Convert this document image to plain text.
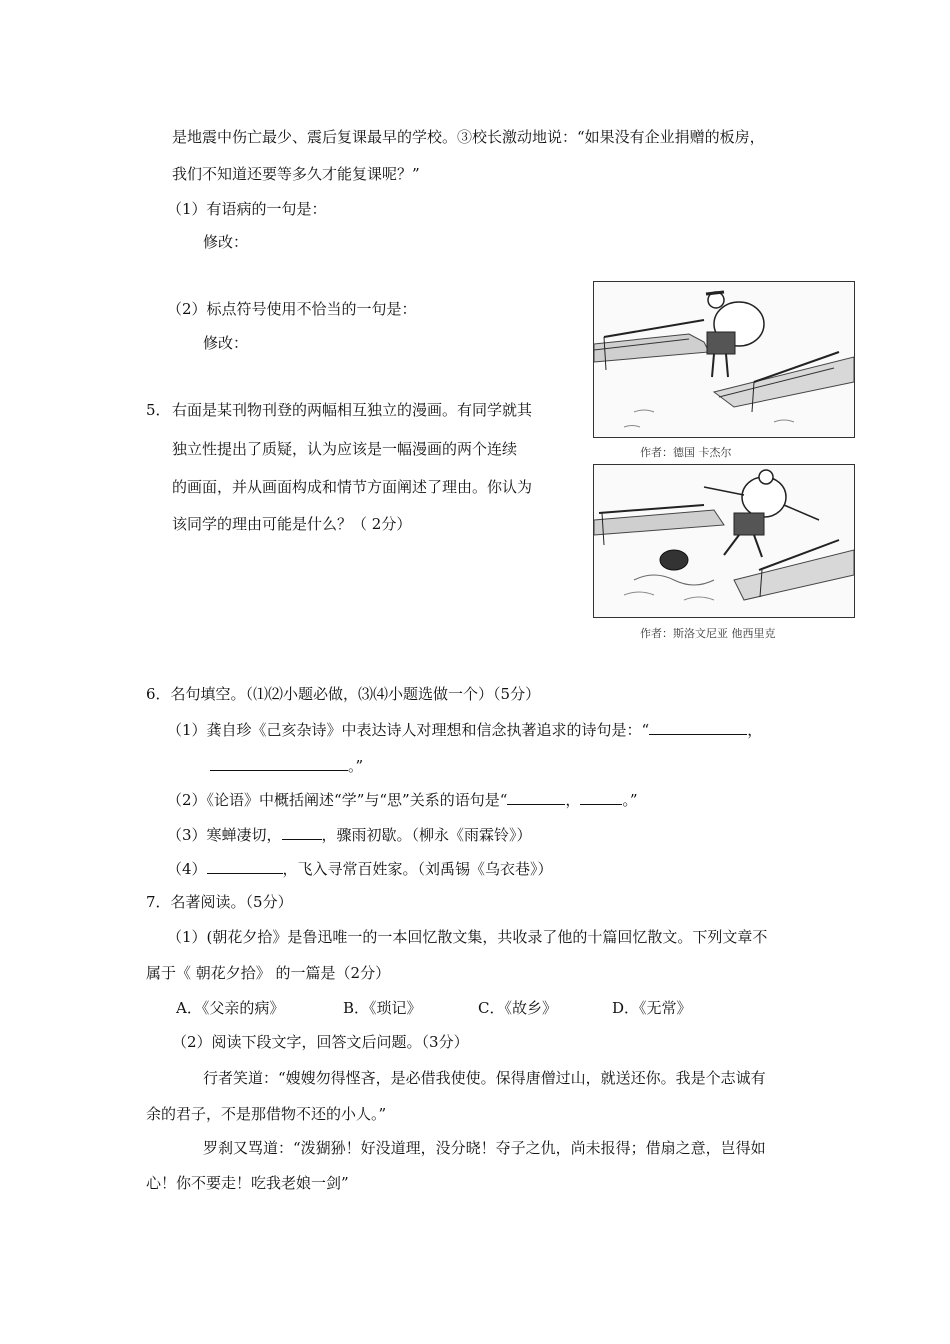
是地震中伤亡最少、震后复课最早的学校。③校长激动地说：“如果没有企业捐赠的板房，
我们不知道还要等多久才能复课呢？”
（1）有语病的一句是：
修改：
（2）标点符号使用不恰当的一句是：
修改：
5． 右面是某刊物刊登的两幅相互独立的漫画。有同学就其
独立性提出了质疑，认为应该是一幅漫画的两个连续
的画面，并从画面构成和情节方面阐述了理由。你认为
该同学的理由可能是什么？（ 2分）
作者：德国 卡杰尔
作者：斯洛文尼亚 他西里克
6．名句填空。（⑴⑵小题必做，⑶⑷小题选做一个）（5分）
（1）龚自珍《己亥杂诗》中表达诗人对理想和信念执著追求的诗句是：“	，
。”
（2）《论语》中概括阐述“学”与“思”关系的语句是“	，	。”
（3）寒蝉凄切，	，骤雨初歇。（柳永《雨霖铃》）
（4）	，飞入寻常百姓家。（刘禹锡《乌衣巷》）
7．名著阅读。（5分）
（1）(朝花夕拾》是鲁迅唯一的一本回忆散文集，共收录了他的十篇回忆散文。下列文章不
属于《 朝花夕拾》 的一篇是（2分）
A．《父亲的病》	B．《琐记》	C．《故乡》	D．《无常》
（2）阅读下段文字，回答文后问题。（3分）
行者笑道：“嫂嫂勿得悭吝，是必借我使使。保得唐僧过山，就送还你。我是个志诚有
余的君子，不是那借物不还的小人。”
罗刹又骂道：“泼猢狲！好没道理，没分晓！夺子之仇，尚未报得；借扇之意，岂得如
心！你不要走！吃我老娘一剑”
